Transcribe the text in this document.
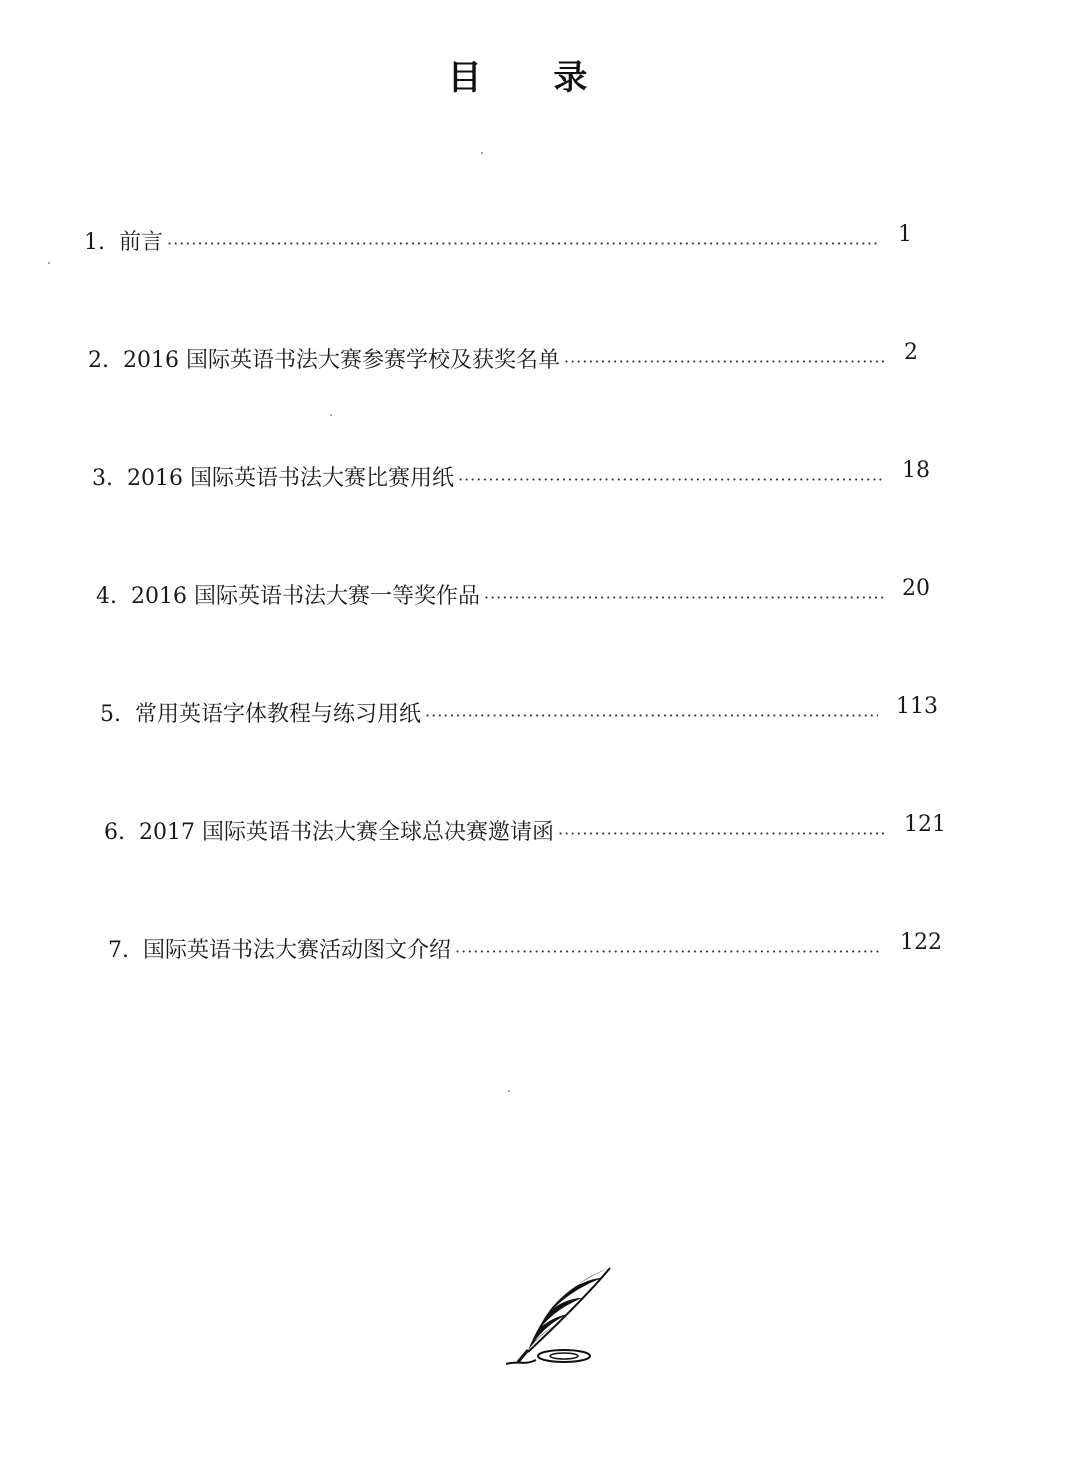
目 录
1. 前言 ·····	1
2. 2016 国际英语书法大赛参赛学校及获奖名单 ·····	2
3. 2016 国际英语书法大赛比赛用纸 ·····	18
4. 2016 国际英语书法大赛一等奖作品 ·····	20
5. 常用英语字体教程与练习用纸 ·····	113
6. 2017 国际英语书法大赛全球总决赛邀请函 ·····	121
7. 国际英语书法大赛活动图文介绍 ·····	122
